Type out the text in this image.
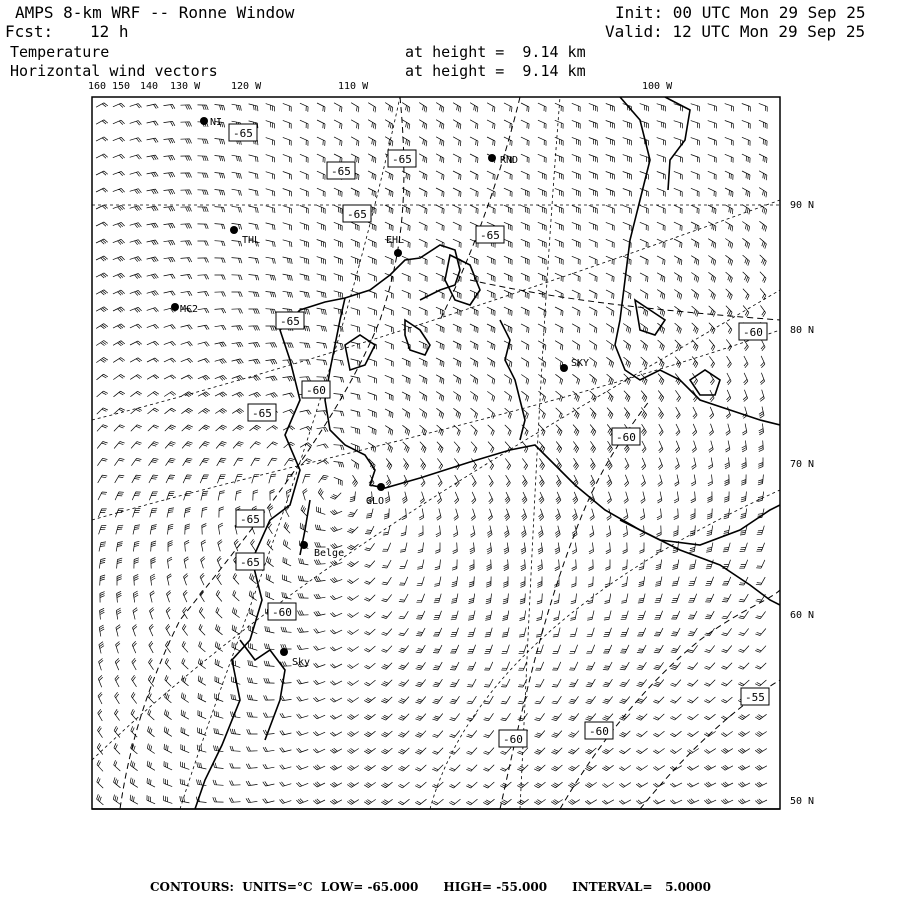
AMPS 8-km WRF -- Ronne Window
Fcst: 12 h
Temperature
Horizontal wind vectors
at height =  9.14 km
at height =  9.14 km
Init: 00 UTC Mon 29 Sep 25
Valid: 12 UTC Mon 29 Sep 25
160 150 140 130 W	120 W	110 W	100 W
90 N
80 N
70 N
60 N
50 N
NI
RND
EHL
THL
MC2
SKY
GLO
Belge
Sky
-65
-65
-65
-65
-65
-65
-65
-65
-65
-60
-60
-60
-60
-60
-60
-55
CONTOURS:  UNITS=°C  LOW= -65.000      HIGH= -55.000      INTERVAL=   5.0000
